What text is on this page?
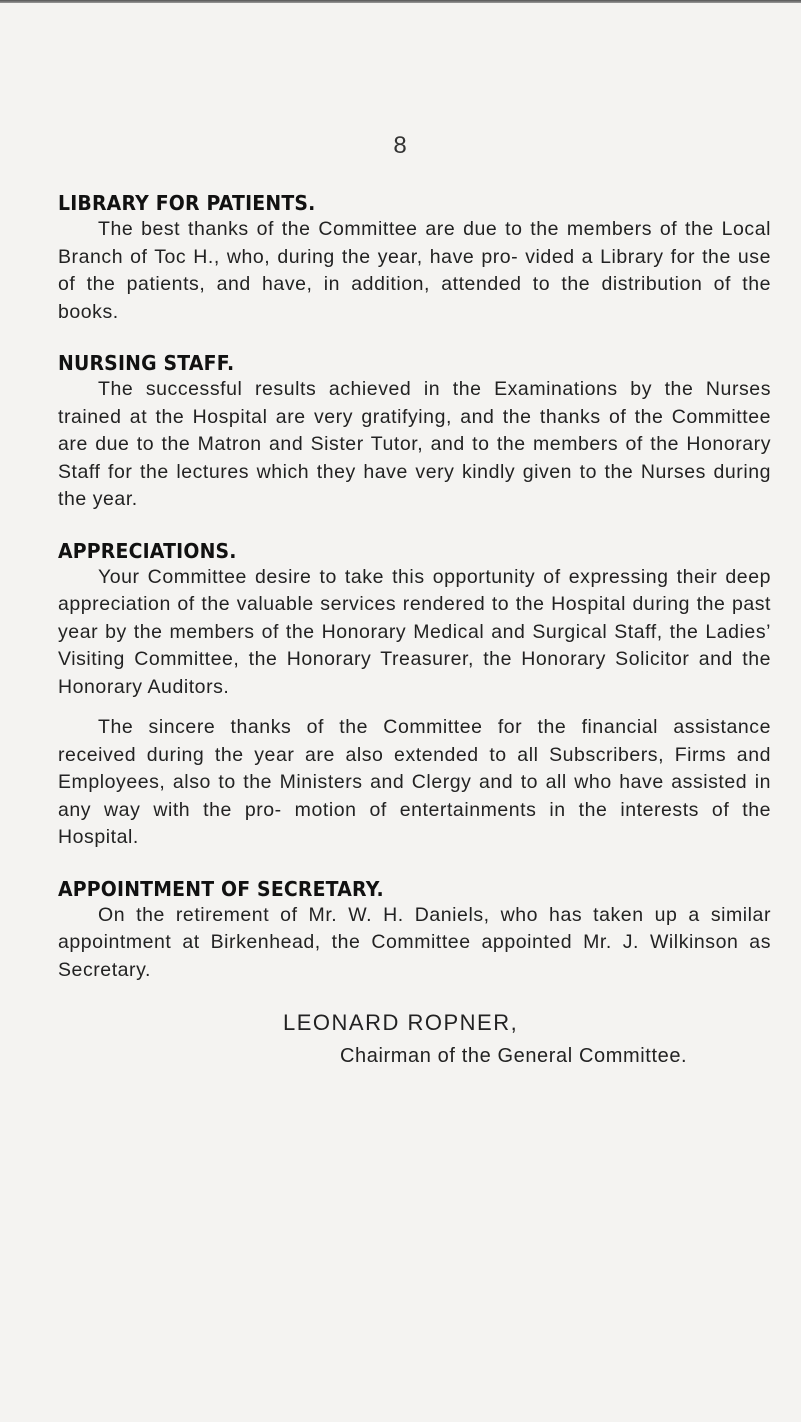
8
LIBRARY FOR PATIENTS.

The best thanks of the Committee are due to the members of the Local Branch of Toc H., who, during the year, have pro- vided a Library for the use of the patients, and have, in addition, attended to the distribution of the books.

NURSING STAFF.

The successful results achieved in the Examinations by the Nurses trained at the Hospital are very gratifying, and the thanks of the Committee are due to the Matron and Sister Tutor, and to the members of the Honorary Staff for the lectures which they have very kindly given to the Nurses during the year.

APPRECIATIONS.

Your Committee desire to take this opportunity of expressing their deep appreciation of the valuable services rendered to the Hospital during the past year by the members of the Honorary Medical and Surgical Staff, the Ladies’ Visiting Committee, the Honorary Treasurer, the Honorary Solicitor and the Honorary Auditors.

The sincere thanks of the Committee for the financial assistance received during the year are also extended to all Subscribers, Firms and Employees, also to the Ministers and Clergy and to all who have assisted in any way with the pro- motion of entertainments in the interests of the Hospital.

APPOINTMENT OF SECRETARY.

On the retirement of Mr. W. H. Daniels, who has taken up a similar appointment at Birkenhead, the Committee appointed Mr. J. Wilkinson as Secretary.

LEONARD ROPNER,
Chairman of the General Committee.
